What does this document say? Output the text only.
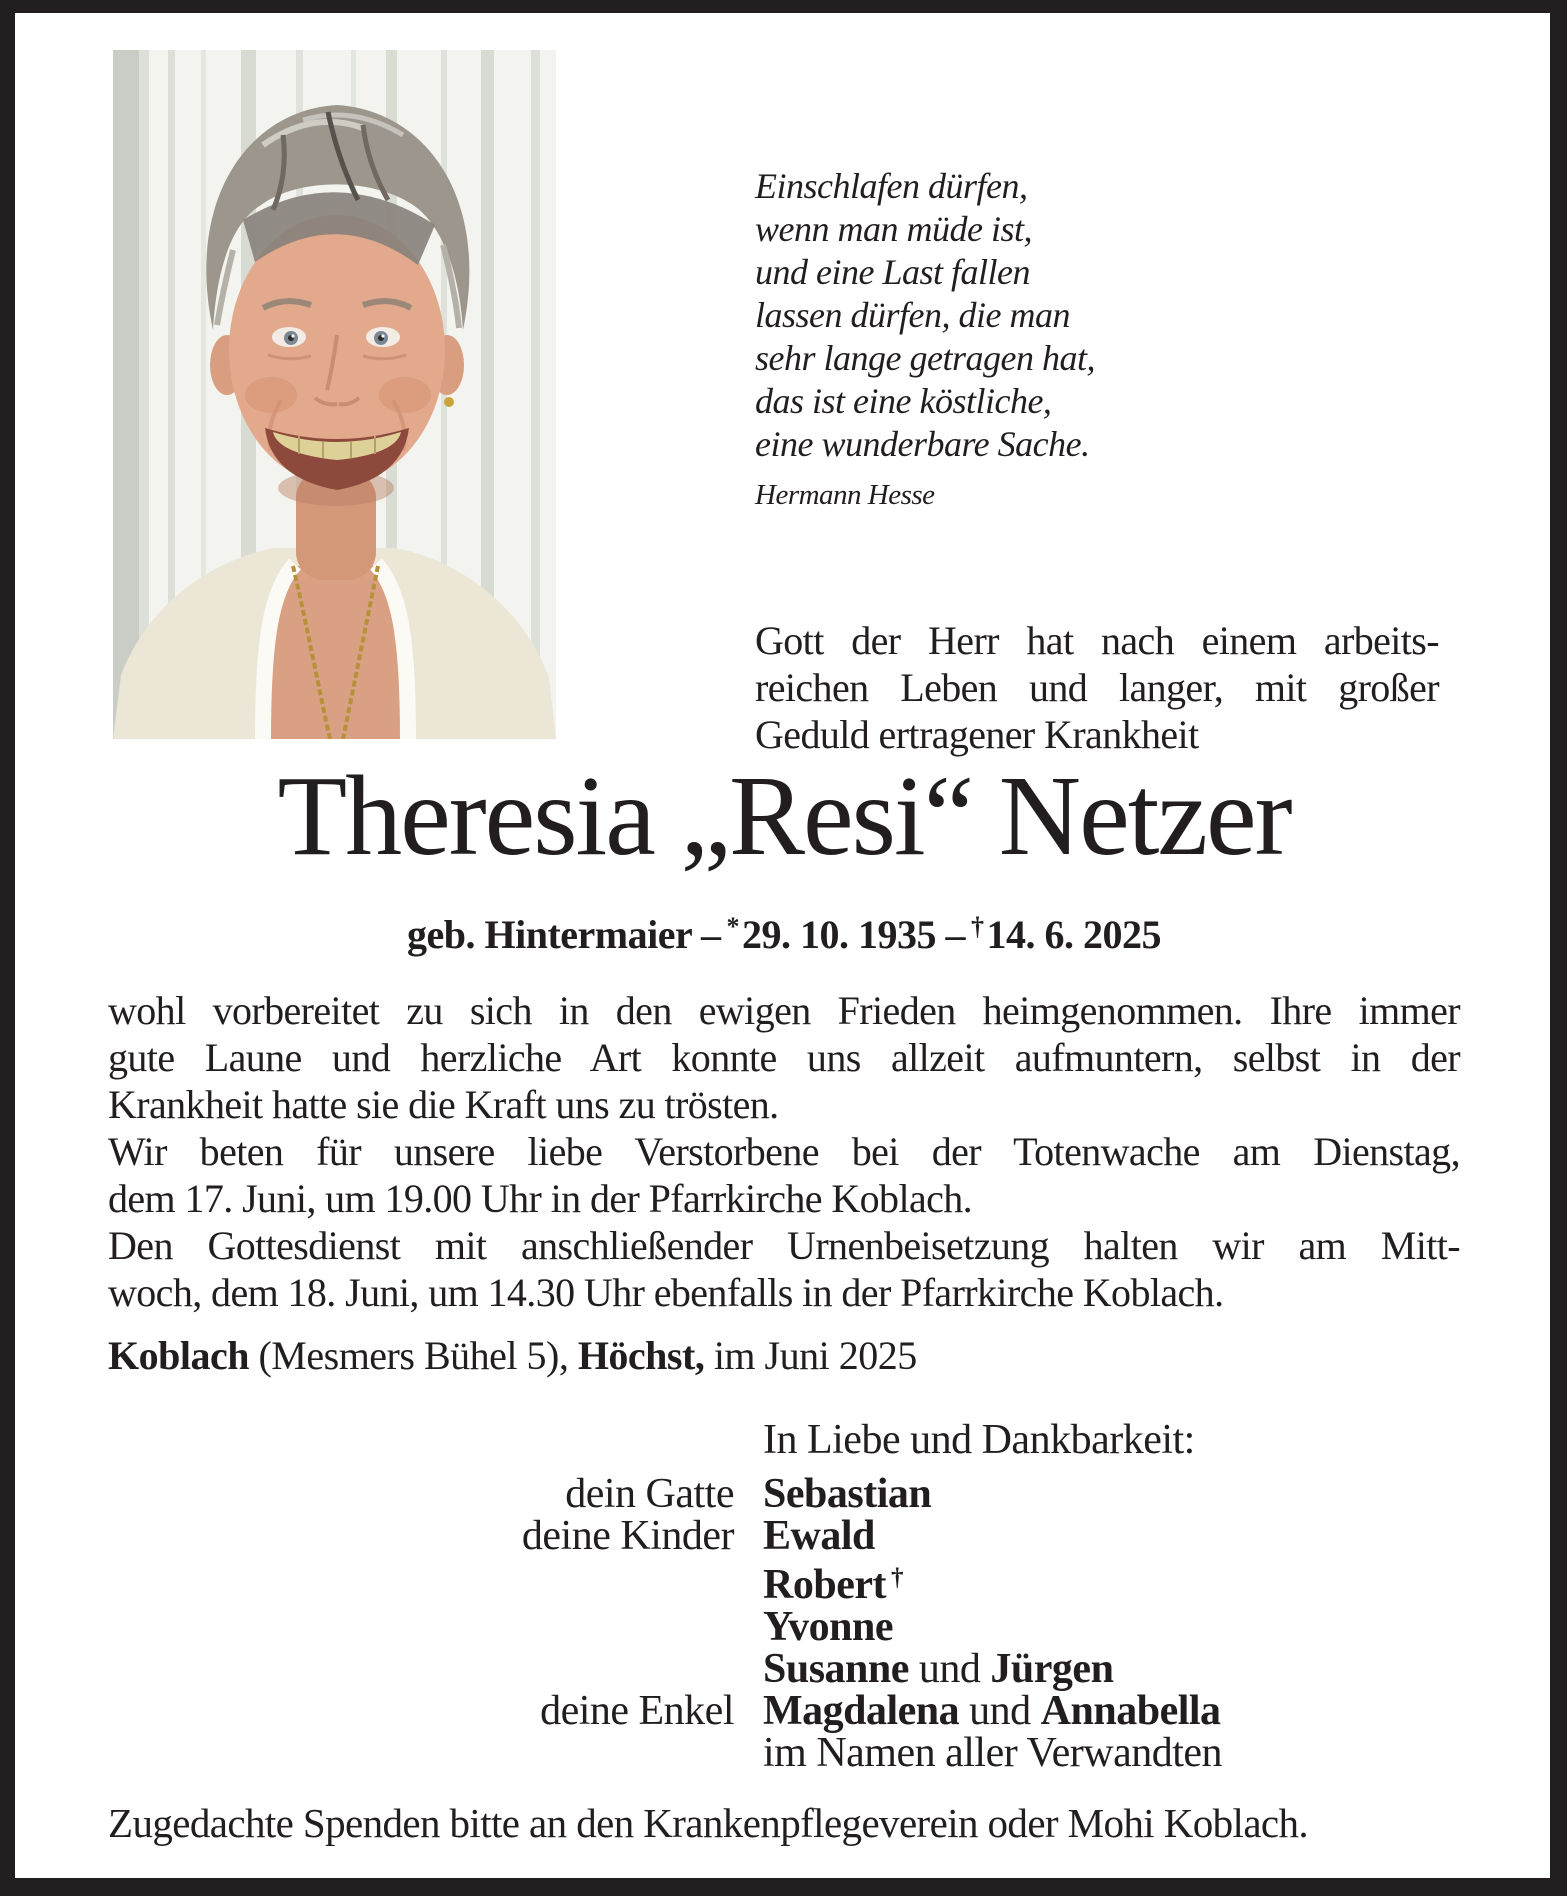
Einschlafen dürfen,
wenn man müde ist,
und eine Last fallen
lassen dürfen, die man
sehr lange getragen hat,
das ist eine köstliche,
eine wunderbare Sache.
Hermann Hesse
Gott der Herr hat nach einem arbeits-
reichen Leben und langer, mit großer
Geduld ertragener Krankheit
Theresia „Resi“ Netzer
geb. Hintermaier – *29. 10. 1935 – †14. 6. 2025
wohl vorbereitet zu sich in den ewigen Frieden heimgenommen. Ihre immer
gute Laune und herzliche Art konnte uns allzeit aufmuntern, selbst in der
Krankheit hatte sie die Kraft uns zu trösten.
Wir beten für unsere liebe Verstorbene bei der Totenwache am Dienstag,
dem 17. Juni, um 19.00 Uhr in der Pfarrkirche Koblach.
Den Gottesdienst mit anschließender Urnenbeisetzung halten wir am Mitt-
woch, dem 18. Juni, um 14.30 Uhr ebenfalls in der Pfarrkirche Koblach.
Koblach (Mesmers Bühel 5), Höchst, im Juni 2025
In Liebe und Dankbarkeit:
dein Gatte Sebastian
deine Kinder Ewald
Robert †
Yvonne
Susanne und Jürgen
deine Enkel Magdalena und Annabella
im Namen aller Verwandten
Zugedachte Spenden bitte an den Krankenpflegeverein oder Mohi Koblach.
